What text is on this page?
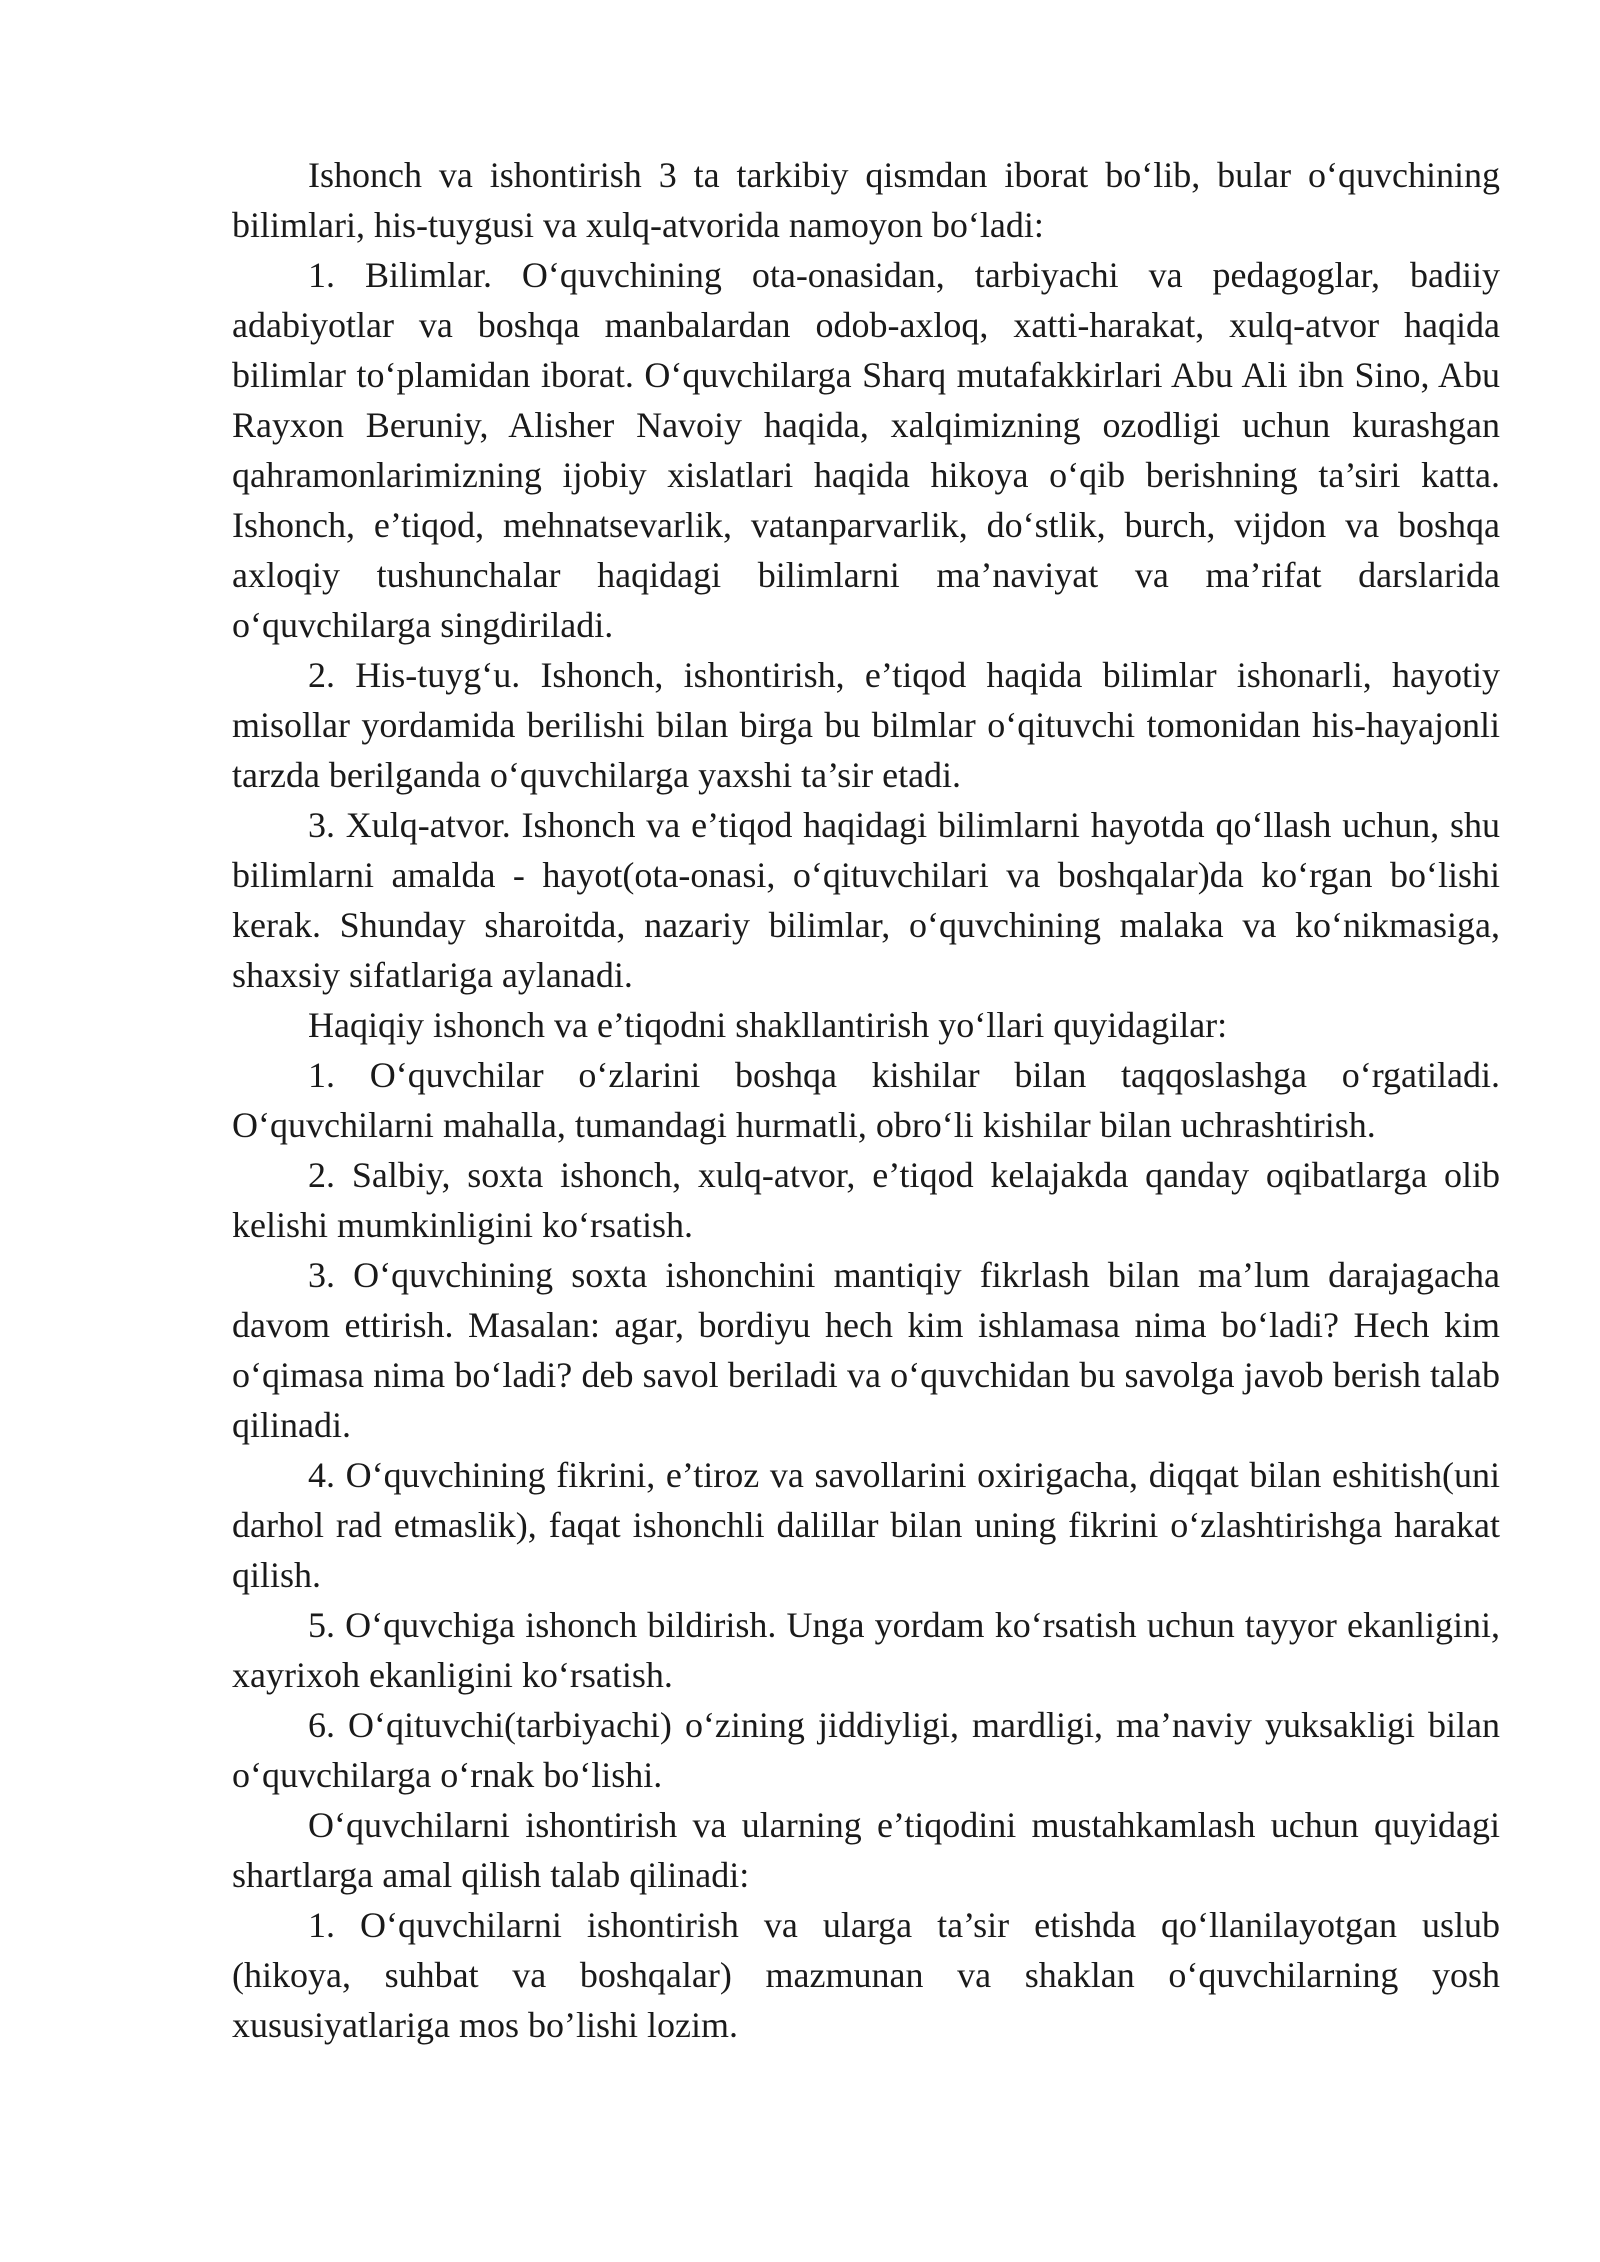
Ishonch va ishontirish 3 ta tarkibiy qismdan iborat bo‘lib, bular o‘quvchining bilimlari, his-tuygusi va xulq-atvorida namoyon bo‘ladi:

1. Bilimlar. O‘quvchining ota-onasidan, tarbiyachi va pedagoglar, badiiy adabiyotlar va boshqa manbalardan odob-axloq, xatti-harakat, xulq-atvor haqida bilimlar to‘plamidan iborat. O‘quvchilarga Sharq mutafakkirlari Abu Ali ibn Sino, Abu Rayxon Beruniy, Alisher Navoiy haqida, xalqimizning ozodligi uchun kurashgan qahramonlarimizning ijobiy xislatlari haqida hikoya o‘qib berishning ta’siri katta. Ishonch, e’tiqod, mehnatsevarlik, vatanparvarlik, do‘stlik, burch, vijdon va boshqa axloqiy tushunchalar haqidagi bilimlarni ma’naviyat va ma’rifat darslarida o‘quvchilarga singdiriladi.

2. His-tuyg‘u. Ishonch, ishontirish, e’tiqod haqida bilimlar ishonarli, hayotiy misollar yordamida berilishi bilan birga bu bilmlar o‘qituvchi tomonidan his-hayajonli tarzda berilganda o‘quvchilarga yaxshi ta’sir etadi.

3. Xulq-atvor. Ishonch va e’tiqod haqidagi bilimlarni hayotda qo‘llash uchun, shu bilimlarni amalda - hayot(ota-onasi, o‘qituvchilari va boshqalar)da ko‘rgan bo‘lishi kerak. Shunday sharoitda, nazariy bilimlar, o‘quvchining malaka va ko‘nikmasiga, shaxsiy sifatlariga aylanadi.

Haqiqiy ishonch va e’tiqodni shakllantirish yo‘llari quyidagilar:

1. O‘quvchilar o‘zlarini boshqa kishilar bilan taqqoslashga o‘rgatiladi. O‘quvchilarni mahalla, tumandagi hurmatli, obro‘li kishilar bilan uchrashtirish.

2. Salbiy, soxta ishonch, xulq-atvor, e’tiqod kelajakda qanday oqibatlarga olib kelishi mumkinligini ko‘rsatish.

3. O‘quvchining soxta ishonchini mantiqiy fikrlash bilan ma’lum darajagacha davom ettirish. Masalan: agar, bordiyu hech kim ishlamasa nima bo‘ladi? Hech kim o‘qimasa nima bo‘ladi? deb savol beriladi va o‘quvchidan bu savolga javob berish talab qilinadi.

4. O‘quvchining fikrini, e’tiroz va savollarini oxirigacha, diqqat bilan eshitish(uni darhol rad etmaslik), faqat ishonchli dalillar bilan uning fikrini o‘zlashtirishga harakat qilish.

5. O‘quvchiga ishonch bildirish. Unga yordam ko‘rsatish uchun tayyor ekanligini, xayrixoh ekanligini ko‘rsatish.

6. O‘qituvchi(tarbiyachi) o‘zining jiddiyligi, mardligi, ma’naviy yuksakligi bilan o‘quvchilarga o‘rnak bo‘lishi.

O‘quvchilarni ishontirish va ularning e’tiqodini mustahkamlash uchun quyidagi shartlarga amal qilish talab qilinadi:

1. O‘quvchilarni ishontirish va ularga ta’sir etishda qo‘llanilayotgan uslub (hikoya, suhbat va boshqalar) mazmunan va shaklan o‘quvchilarning yosh xususiyatlariga mos bo’lishi lozim.
